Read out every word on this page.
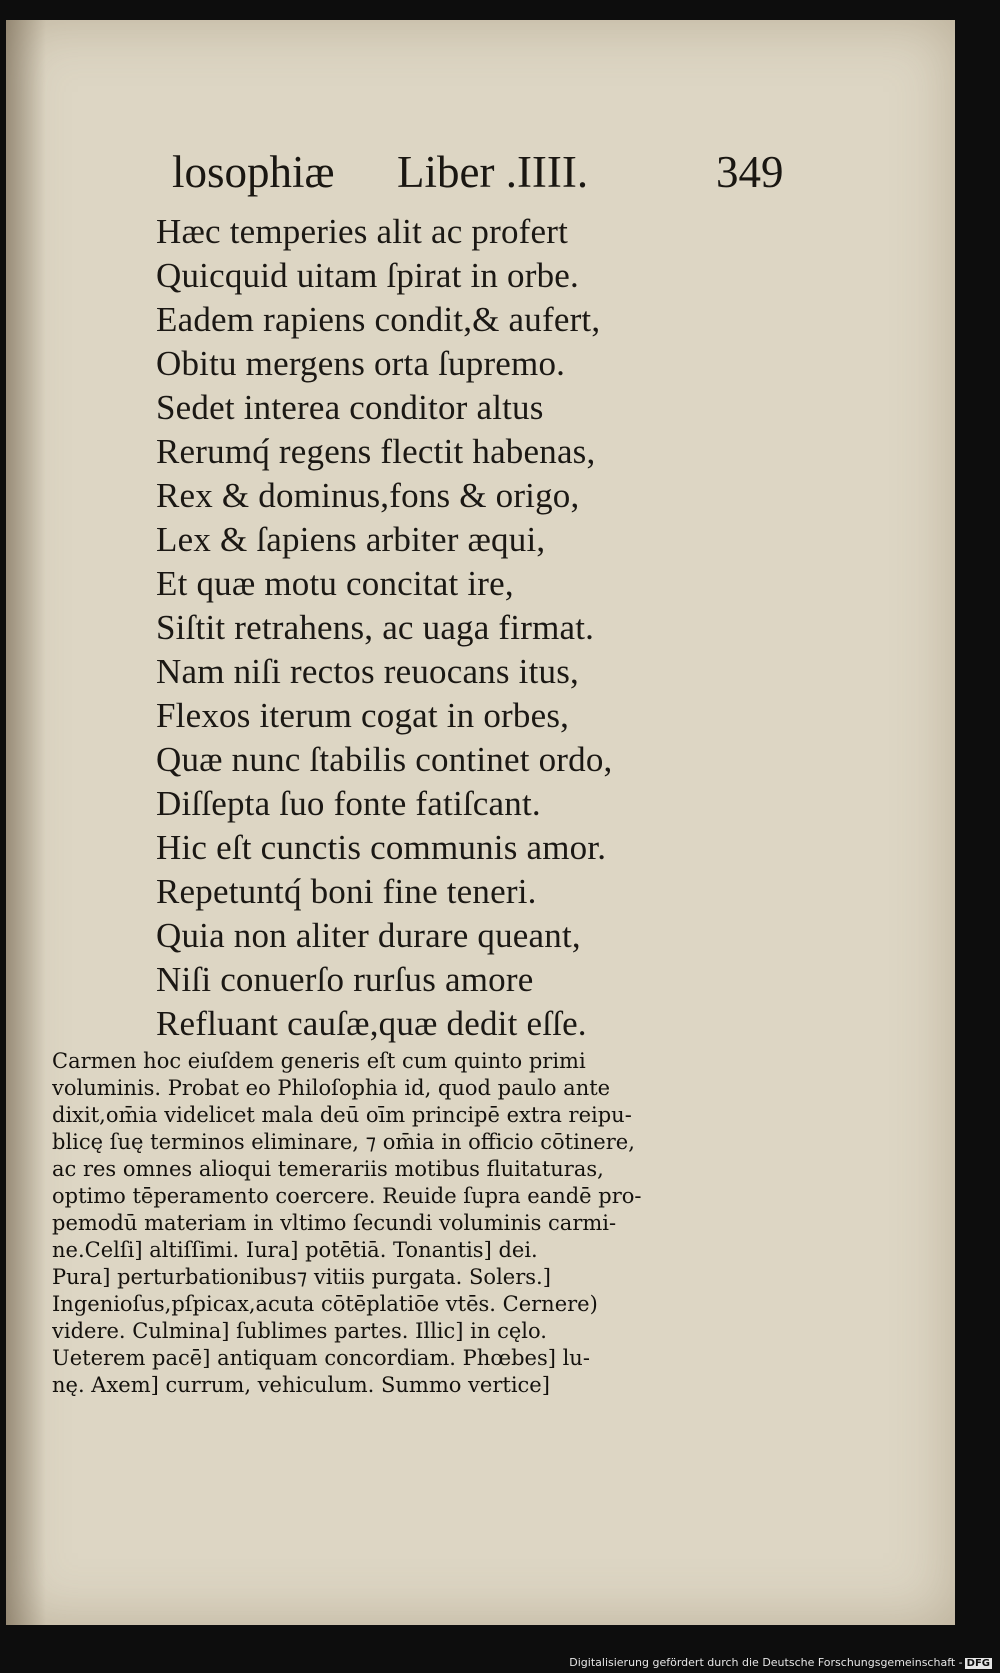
losophiæ Liber .IIII.	349
Hæc temperies alit ac profert
Quicquid uitam ſpirat in orbe.
Eadem rapiens condit,& aufert,
Obitu mergens orta ſupremo.
Sedet interea conditor altus
Rerumq́ regens flectit habenas,
Rex & dominus,fons & origo,
Lex & ſapiens arbiter æqui,
Et quæ motu concitat ire,
Siſtit retrahens, ac uaga firmat.
Nam niſi rectos reuocans itus,
Flexos iterum cogat in orbes,
Quæ nunc ſtabilis continet ordo,
Diſſepta ſuo fonte fatiſcant.
Hic eſt cunctis communis amor.
Repetuntq́ boni fine teneri.
Quia non aliter durare queant,
Niſi conuerſo rurſus amore
Refluant cauſæ,quæ dedit eſſe.
Carmen hoc eiuſdem generis eſt cum quinto primi
voluminis. Probat eo Philoſophia id, quod paulo ante
dixit,om̄ia videlicet mala deū oīm principē extra reipu-
blicę ſuę terminos eliminare, ⁊ om̄ia in officio cōtinere,
ac res omnes alioqui temerariis motibus fluitaturas,
optimo tēperamento coercere. Reuide ſupra eandē pro-
pemodū materiam in vltimo ſecundi voluminis carmi-
ne.Celſi] altiſſimi. Iura] potētiā. Tonantis] dei.
Pura] perturbationibus⁊ vitiis purgata. Solers.]
Ingenioſus,pſpicax,acuta cōtēplatiōe vtēs. Cernere)
videre. Culmina] ſublimes partes. Illic] in cęlo.
Ueterem pacē] antiquam concordiam. Phœbes] lu-
nę. Axem] currum, vehiculum. Summo vertice]
Digitalisierung gefördert durch die Deutsche Forschungsgemeinschaft - DFG
